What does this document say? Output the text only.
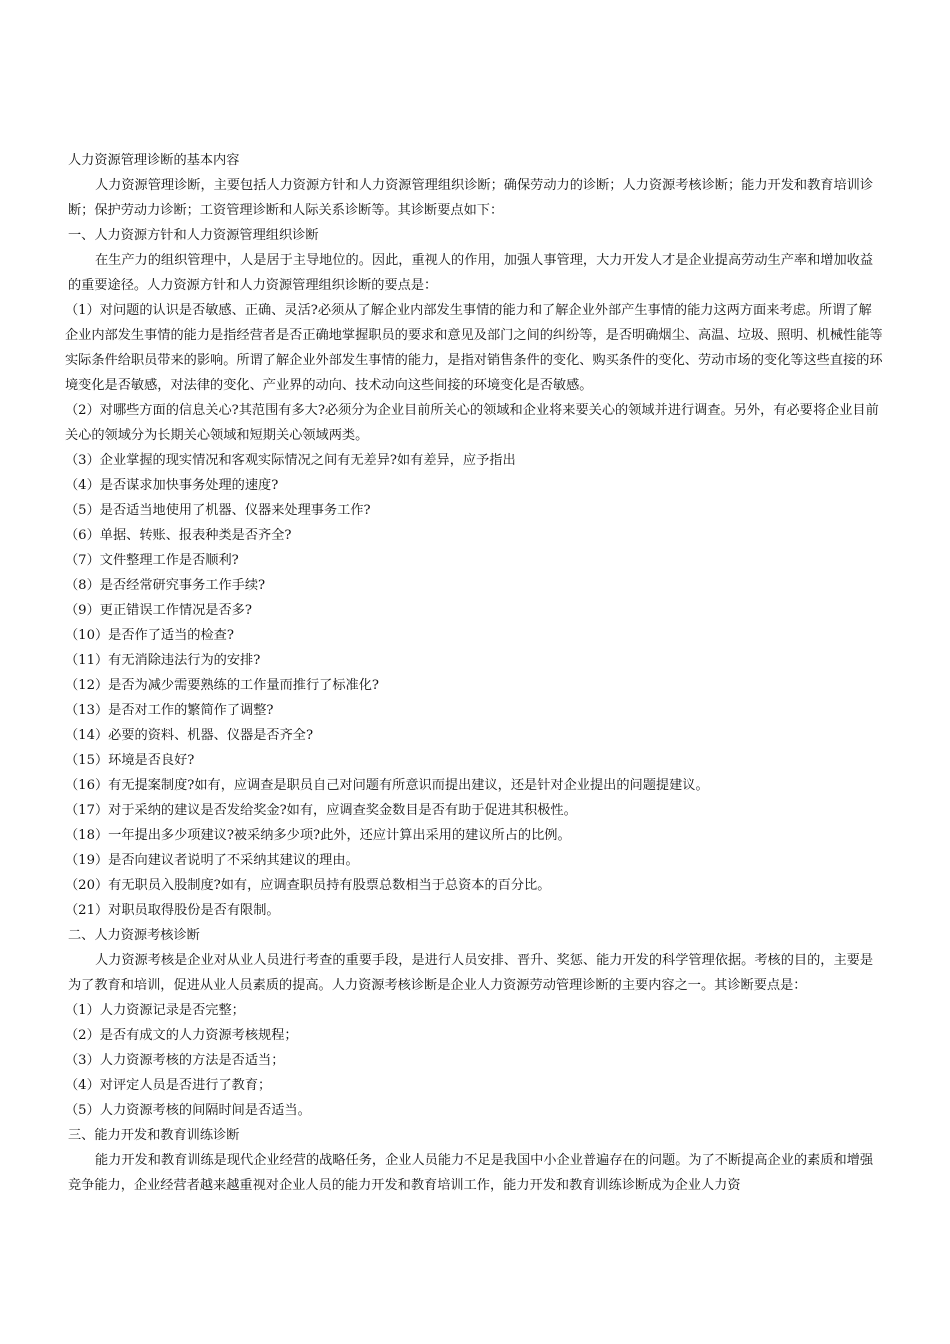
人力资源管理诊断的基本内容
人力资源管理诊断，主要包括人力资源方针和人力资源管理组织诊断；确保劳动力的诊断；人力资源考核诊断；能力开发和教育培训诊断；保护劳动力诊断；工资管理诊断和人际关系诊断等。其诊断要点如下：
一、人力资源方针和人力资源管理组织诊断
在生产力的组织管理中，人是居于主导地位的。因此，重视人的作用，加强人事管理，大力开发人才是企业提高劳动生产率和增加收益的重要途径。人力资源方针和人力资源管理组织诊断的要点是：
（1）对问题的认识是否敏感、正确、灵活?必须从了解企业内部发生事情的能力和了解企业外部产生事情的能力这两方面来考虑。所谓了解企业内部发生事情的能力是指经营者是否正确地掌握职员的要求和意见及部门之间的纠纷等，是否明确烟尘、高温、垃圾、照明、机械性能等实际条件给职员带来的影响。所谓了解企业外部发生事情的能力，是指对销售条件的变化、购买条件的变化、劳动市场的变化等这些直接的环境变化是否敏感，对法律的变化、产业界的动向、技术动向这些间接的环境变化是否敏感。
（2）对哪些方面的信息关心?其范围有多大?必须分为企业目前所关心的领域和企业将来要关心的领域并进行调查。另外，有必要将企业目前关心的领域分为长期关心领域和短期关心领域两类。
（3）企业掌握的现实情况和客观实际情况之间有无差异?如有差异，应予指出
（4）是否谋求加快事务处理的速度?
（5）是否适当地使用了机器、仪器来处理事务工作?
（6）单据、转账、报表种类是否齐全?
（7）文件整理工作是否顺利?
（8）是否经常研究事务工作手续?
（9）更正错误工作情况是否多?
（10）是否作了适当的检查?
（11）有无消除违法行为的安排?
（12）是否为减少需要熟练的工作量而推行了标准化?
（13）是否对工作的繁简作了调整?
（14）必要的资料、机器、仪器是否齐全?
（15）环境是否良好?
（16）有无提案制度?如有，应调查是职员自己对问题有所意识而提出建议，还是针对企业提出的问题提建议。
（17）对于采纳的建议是否发给奖金?如有，应调查奖金数目是否有助于促进其积极性。
（18）一年提出多少项建议?被采纳多少项?此外，还应计算出采用的建议所占的比例。
（19）是否向建议者说明了不采纳其建议的理由。
（20）有无职员入股制度?如有，应调查职员持有股票总数相当于总资本的百分比。
（21）对职员取得股份是否有限制。
二、人力资源考核诊断
人力资源考核是企业对从业人员进行考查的重要手段，是进行人员安排、晋升、奖惩、能力开发的科学管理依据。考核的目的，主要是为了教育和培训，促进从业人员素质的提高。人力资源考核诊断是企业人力资源劳动管理诊断的主要内容之一。其诊断要点是：
（1）人力资源记录是否完整；
（2）是否有成文的人力资源考核规程；
（3）人力资源考核的方法是否适当；
（4）对评定人员是否进行了教育；
（5）人力资源考核的间隔时间是否适当。
三、能力开发和教育训练诊断
能力开发和教育训练是现代企业经营的战略任务，企业人员能力不足是我国中小企业普遍存在的问题。为了不断提高企业的素质和增强竞争能力，企业经营者越来越重视对企业人员的能力开发和教育培训工作，能力开发和教育训练诊断成为企业人力资
